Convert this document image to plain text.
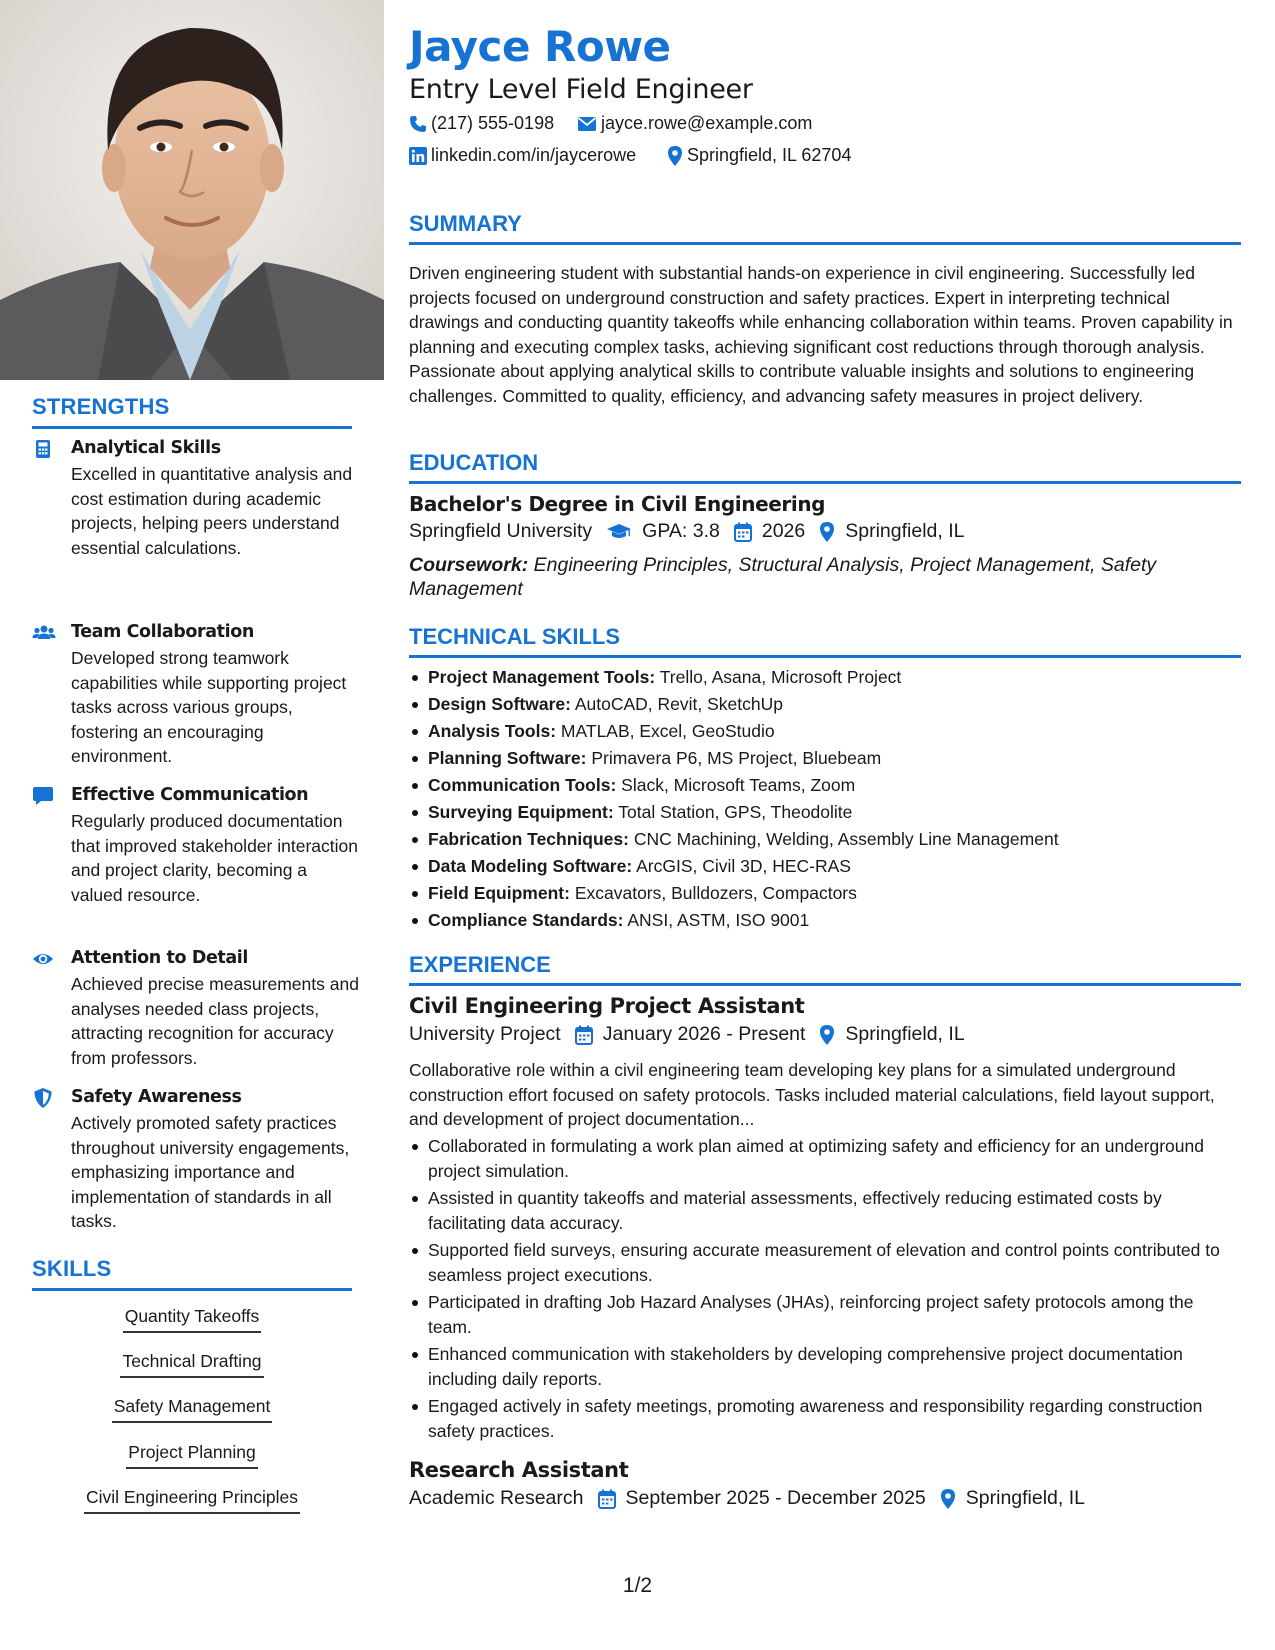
STRENGTHS
Analytical Skills
Excelled in quantitative analysis and cost estimation during academic projects, helping peers understand essential calculations.
Team Collaboration
Developed strong teamwork capabilities while supporting project tasks across various groups, fostering an encouraging environment.
Effective Communication
Regularly produced documentation that improved stakeholder interaction and project clarity, becoming a valued resource.
Attention to Detail
Achieved precise measurements and analyses needed class projects, attracting recognition for accuracy from professors.
Safety Awareness
Actively promoted safety practices throughout university engagements, emphasizing importance and implementation of standards in all tasks.
SKILLS
Quantity Takeoffs
Technical Drafting
Safety Management
Project Planning
Civil Engineering Principles
Jayce Rowe
Entry Level Field Engineer
(217) 555-0198	jayce.rowe@example.com
linkedin.com/in/jaycerowe	Springfield, IL 62704
SUMMARY
Driven engineering student with substantial hands-on experience in civil engineering. Successfully led projects focused on underground construction and safety practices. Expert in interpreting technical drawings and conducting quantity takeoffs while enhancing collaboration within teams. Proven capability in planning and executing complex tasks, achieving significant cost reductions through thorough analysis. Passionate about applying analytical skills to contribute valuable insights and solutions to engineering challenges. Committed to quality, efficiency, and advancing safety measures in project delivery.
EDUCATION
Bachelor's Degree in Civil Engineering
Springfield University	GPA: 3.8 2026 Springfield, IL
Coursework: Engineering Principles, Structural Analysis, Project Management, Safety Management
TECHNICAL SKILLS
Project Management Tools: Trello, Asana, Microsoft Project
Design Software: AutoCAD, Revit, SketchUp
Analysis Tools: MATLAB, Excel, GeoStudio
Planning Software: Primavera P6, MS Project, Bluebeam
Communication Tools: Slack, Microsoft Teams, Zoom
Surveying Equipment: Total Station, GPS, Theodolite
Fabrication Techniques: CNC Machining, Welding, Assembly Line Management
Data Modeling Software: ArcGIS, Civil 3D, HEC-RAS
Field Equipment: Excavators, Bulldozers, Compactors
Compliance Standards: ANSI, ASTM, ISO 9001
EXPERIENCE
Civil Engineering Project Assistant
University Project January 2026 - Present Springfield, IL
Collaborative role within a civil engineering team developing key plans for a simulated underground construction effort focused on safety protocols. Tasks included material calculations, field layout support, and development of project documentation...
Collaborated in formulating a work plan aimed at optimizing safety and efficiency for an underground project simulation.
Assisted in quantity takeoffs and material assessments, effectively reducing estimated costs by facilitating data accuracy.
Supported field surveys, ensuring accurate measurement of elevation and control points contributed to seamless project executions.
Participated in drafting Job Hazard Analyses (JHAs), reinforcing project safety protocols among the team.
Enhanced communication with stakeholders by developing comprehensive project documentation including daily reports.
Engaged actively in safety meetings, promoting awareness and responsibility regarding construction safety practices.
Research Assistant
Academic Research September 2025 - December 2025 Springfield, IL
1/2
